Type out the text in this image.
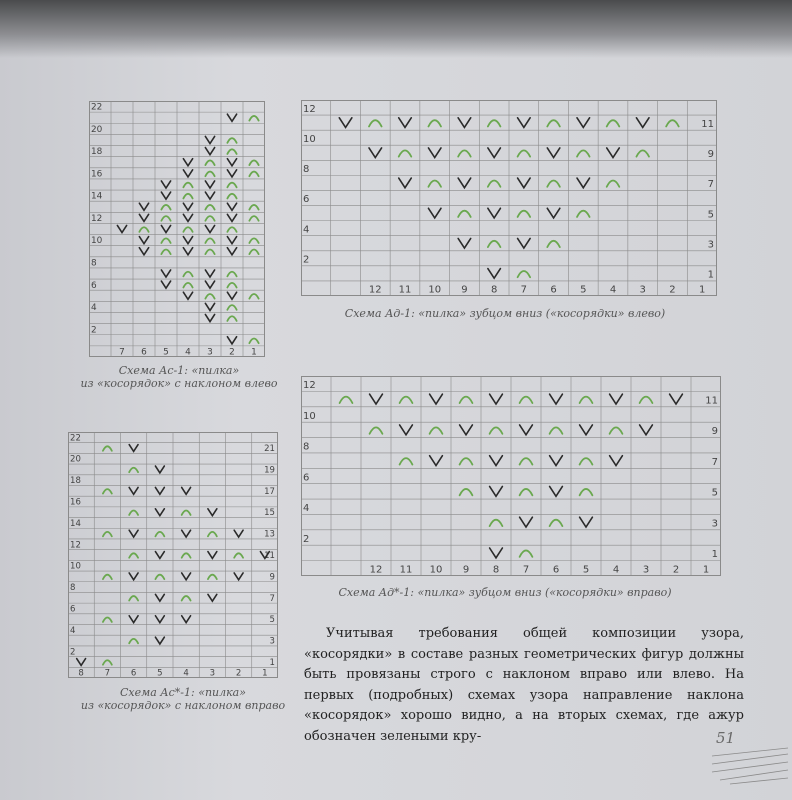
22
20
18
16
14
12
10
8
6
4
2
7 6 5 4 3 2 1
12
10
8
6
4
2
11
9
7
5
3
1
12 11 10 9 8 7 6 5 4 3 2 1
12
10
8
6
4
2
11
9
7
5
3
1
12 11 10 9 8 7 6 5 4 3 2 1
22
20
18
16
14
12
10
8
6
4
2
21
19
17
15
13
11
9
7
5
3
1
8 7 6 5 4 3 2 1
Схема Ас-1: «пилка»
из «косорядок» с наклоном влево
Схема Ад-1: «пилка» зубцом вниз («косорядки» влево)
Схема Ад*-1: «пилка» зубцом вниз («косорядки» вправо)
Схема Ас*-1: «пилка»
из «косорядок» с наклоном вправо

Учитывая требования общей композиции узора, «косорядки» в составе разных геометрических фигур должны быть провязаны строго с наклоном вправо или влево. На первых (подробных) схемах узора направление наклона «косорядок» хорошо видно, а на вторых схемах, где ажур обозначен зелеными кру-	51
